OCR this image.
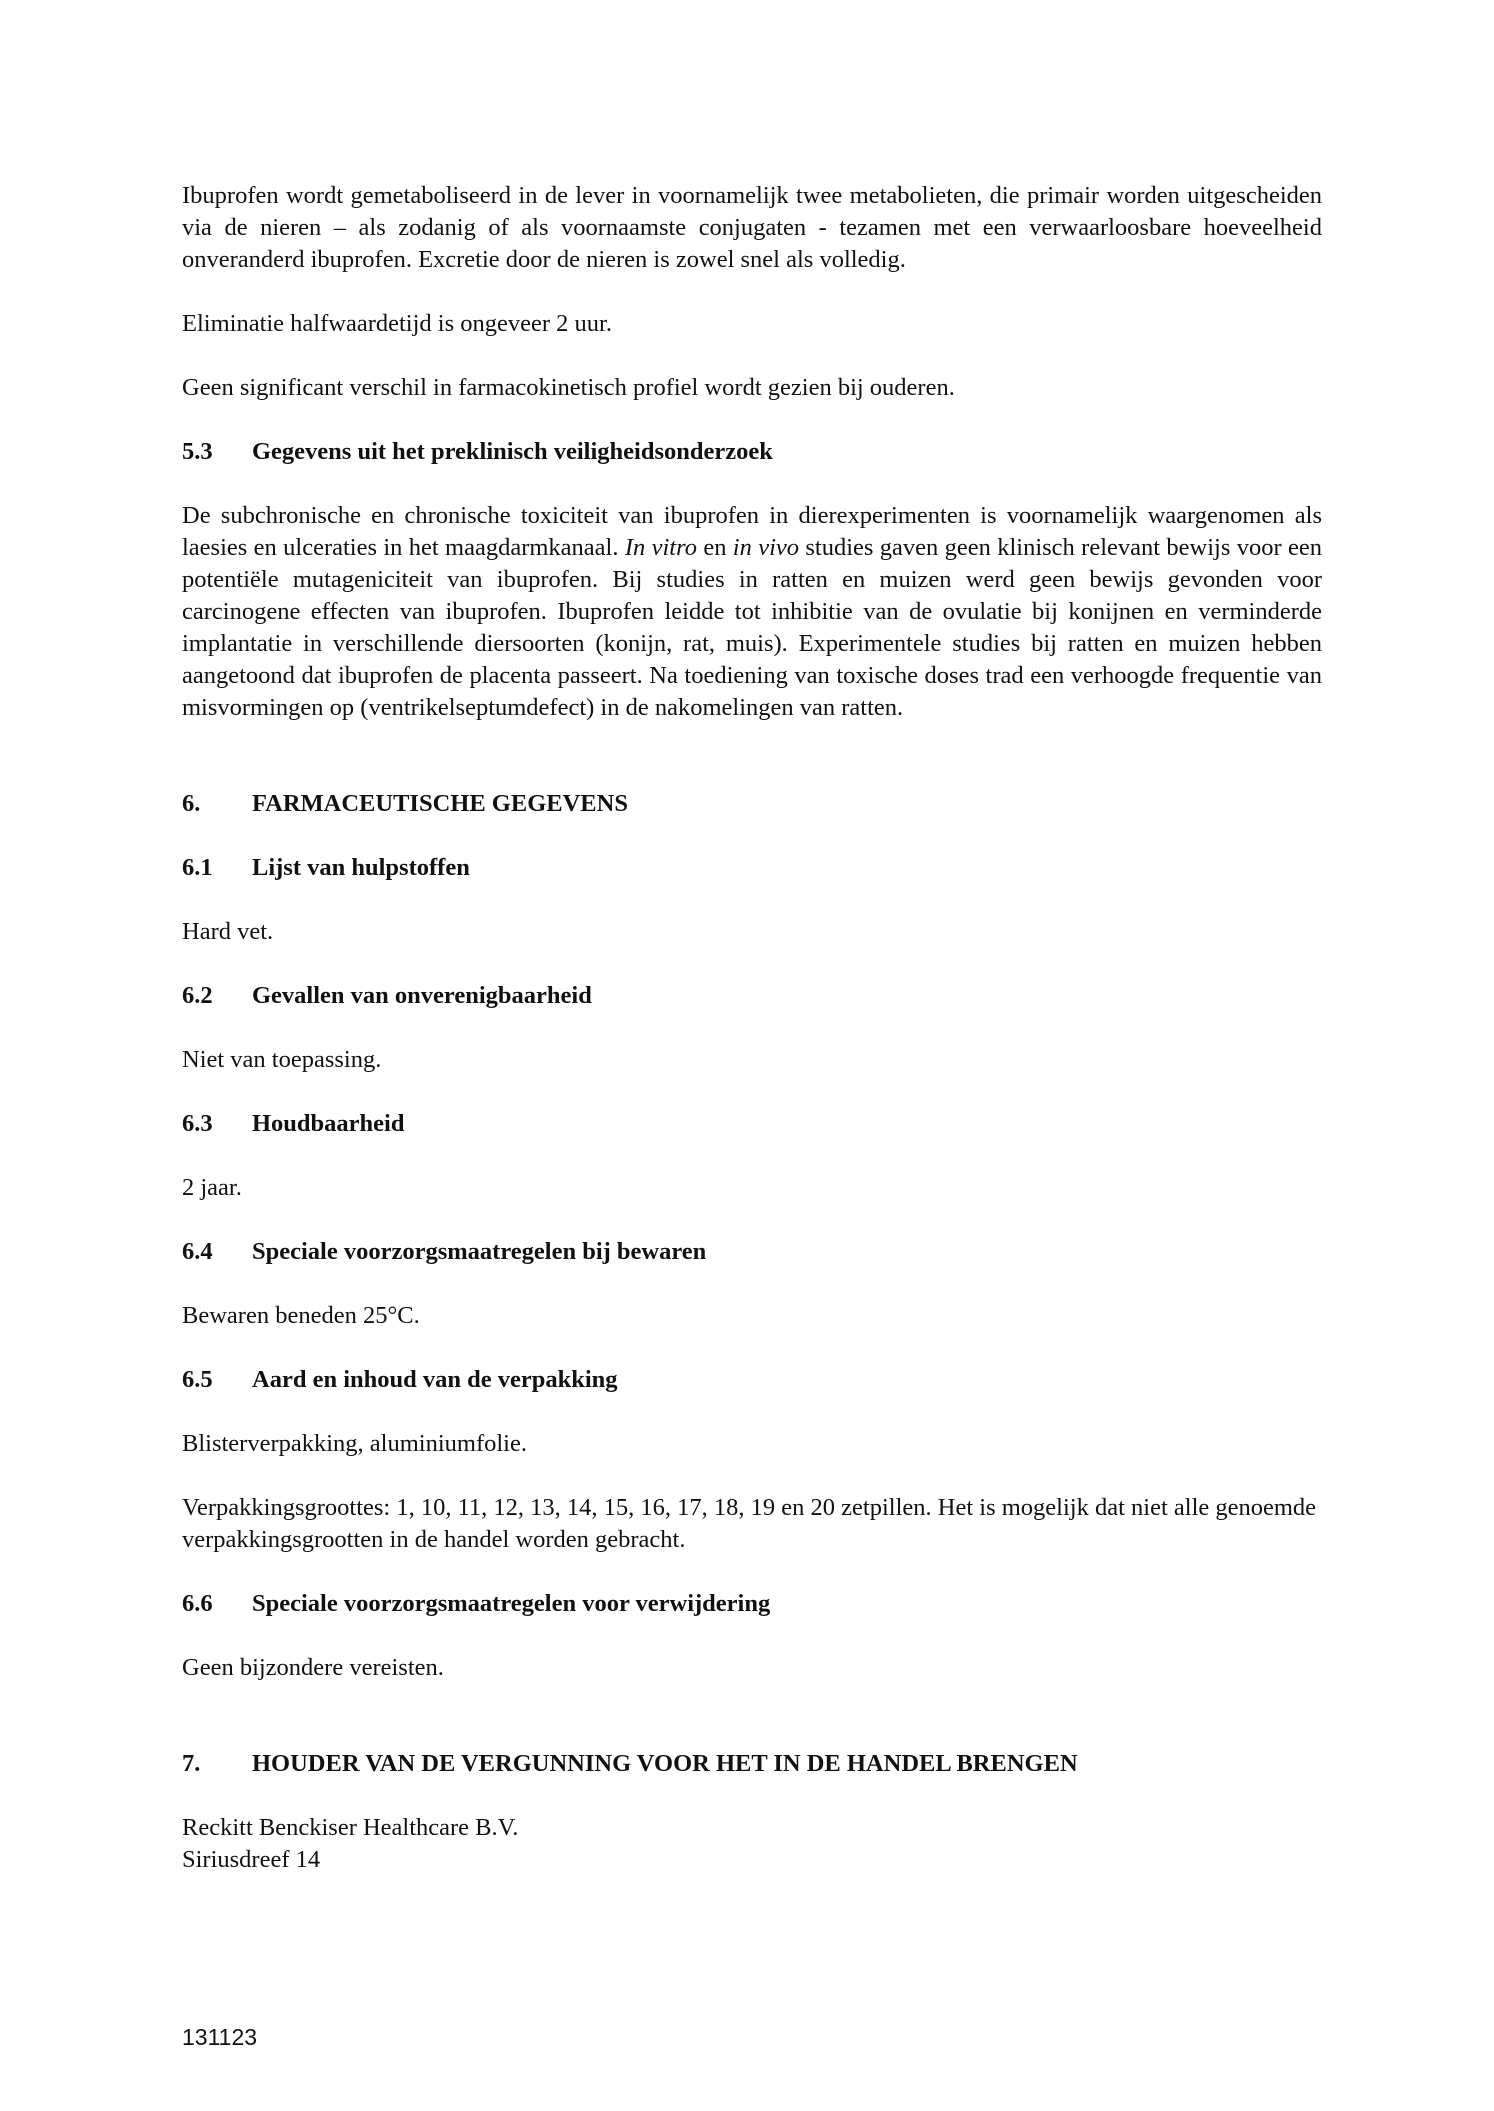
Ibuprofen wordt gemetaboliseerd in de lever in voornamelijk twee metabolieten, die primair worden uitgescheiden via de nieren – als zodanig of als voornaamste conjugaten - tezamen met een verwaarloosbare hoeveelheid onveranderd ibuprofen. Excretie door de nieren is zowel snel als volledig.

Eliminatie halfwaardetijd is ongeveer 2 uur.

Geen significant verschil in farmacokinetisch profiel wordt gezien bij ouderen.

5.3	Gegevens uit het preklinisch veiligheidsonderzoek

De subchronische en chronische toxiciteit van ibuprofen in dierexperimenten is voornamelijk waargenomen als laesies en ulceraties in het maagdarmkanaal. In vitro en in vivo studies gaven geen klinisch relevant bewijs voor een potentiële mutageniciteit van ibuprofen. Bij studies in ratten en muizen werd geen bewijs gevonden voor carcinogene effecten van ibuprofen. Ibuprofen leidde tot inhibitie van de ovulatie bij konijnen en verminderde implantatie in verschillende diersoorten (konijn, rat, muis). Experimentele studies bij ratten en muizen hebben aangetoond dat ibuprofen de placenta passeert. Na toediening van toxische doses trad een verhoogde frequentie van misvormingen op (ventrikelseptumdefect) in de nakomelingen van ratten.

6.	FARMACEUTISCHE GEGEVENS
6.1	Lijst van hulpstoffen

Hard vet.

6.2	Gevallen van onverenigbaarheid

Niet van toepassing.

6.3	Houdbaarheid

2 jaar.

6.4	Speciale voorzorgsmaatregelen bij bewaren

Bewaren beneden 25°C.

6.5	Aard en inhoud van de verpakking

Blisterverpakking, aluminiumfolie.

Verpakkingsgroottes: 1, 10, 11, 12, 13, 14, 15, 16, 17, 18, 19 en 20 zetpillen. Het is mogelijk dat niet alle genoemde verpakkingsgrootten in de handel worden gebracht.

6.6	Speciale voorzorgsmaatregelen voor verwijdering

Geen bijzondere vereisten.

7.	HOUDER VAN DE VERGUNNING VOOR HET IN DE HANDEL BRENGEN

Reckitt Benckiser Healthcare B.V.

Siriusdreef 14

131123
